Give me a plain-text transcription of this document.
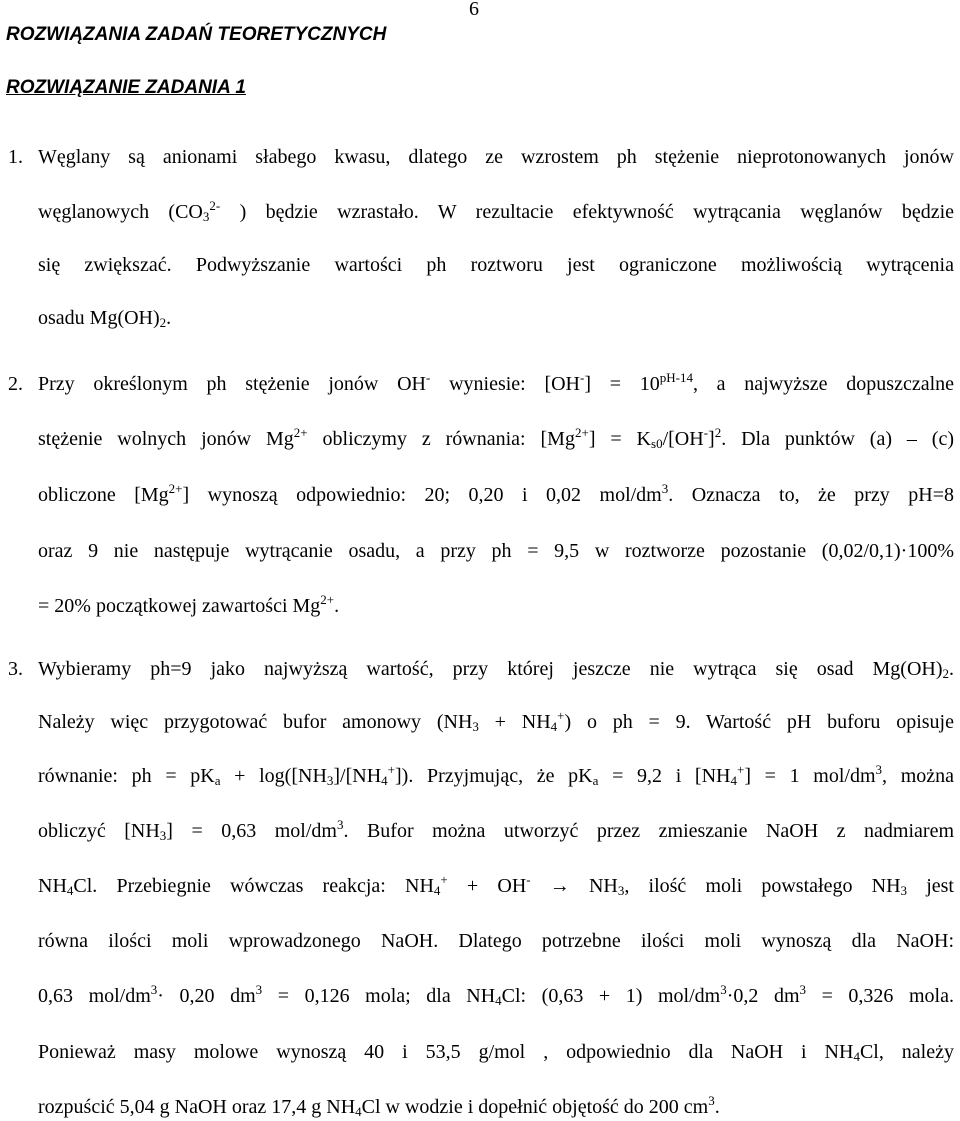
6
ROZWIĄZANIA ZADAŃ TEORETYCZNYCH
ROZWIĄZANIE ZADANIA 1
1. Węglany są anionami słabego kwasu, dlatego ze wzrostem ph stężenie nieprotonowanych jonów
węglanowych ($CO_3^{2-}$ ) będzie wzrastało. W rezultacie efektywność wytrącania węglanów będzie
się zwiększać. Podwyższanie wartości ph roztworu jest ograniczone możliwością wytrącenia
osadu $Mg(OH)_2$.
2. Przy określonym ph stężenie jonów OH- wyniesie: $[OH^-] = 10^{pH-14}$, a najwyższe dopuszczalne
stężenie wolnych jonów $Mg^{2+}$ obliczymy z równania: $[Mg^{2+}] = K_{s0}/[OH^-]^2$. Dla punktów (a) – (c)
obliczone $[Mg^{2+}]$ wynoszą odpowiednio: 20; 0,20 i 0,02 mol/$dm^3$. Oznacza to, że przy pH=8
oraz 9 nie następuje wytrącanie osadu, a przy ph = 9,5 w roztworze pozostanie (0,02/0,1)·100%
= 20% początkowej zawartości $Mg^{2+}$.
3. Wybieramy ph=9 jako najwyższą wartość, przy której jeszcze nie wytrąca się osad $Mg(OH)_2$.
Należy więc przygotować bufor amonowy $(NH_3 + NH_4^+)$ o ph = 9. Wartość pH buforu opisuje
równanie: ph = $pK_a + \log([NH_3]/[NH_4^+])$. Przyjmując, że $pK_a = 9,2$ i $[NH_4^+] = 1$ mol/$dm^3$, można
obliczyć $[NH_3] = 0,63$ mol/$dm^3$. Bufor można utworzyć przez zmieszanie NaOH z nadmiarem
$NH_4Cl$. Przebiegnie wówczas reakcja: $NH_4^+ + OH^- \to NH_3$, ilość moli powstałego $NH_3$ jest
równa ilości moli wprowadzonego NaOH. Dlatego potrzebne ilości moli wynoszą dla NaOH:
0,63 mol/$dm^3\cdot 0,20$ $dm^3 = 0,126$ mola; dla $NH_4Cl$: (0,63 + 1) mol/$dm^3\cdot 0,2$ $dm^3 = 0,326$ mola.
Ponieważ masy molowe wynoszą 40 i 53,5 g/mol , odpowiednio dla NaOH i $NH_4Cl$, należy
rozpuścić 5,04 g NaOH oraz 17,4 g $NH_4Cl$ w wodzie i dopełnić objętość do 200 $cm^3$.
